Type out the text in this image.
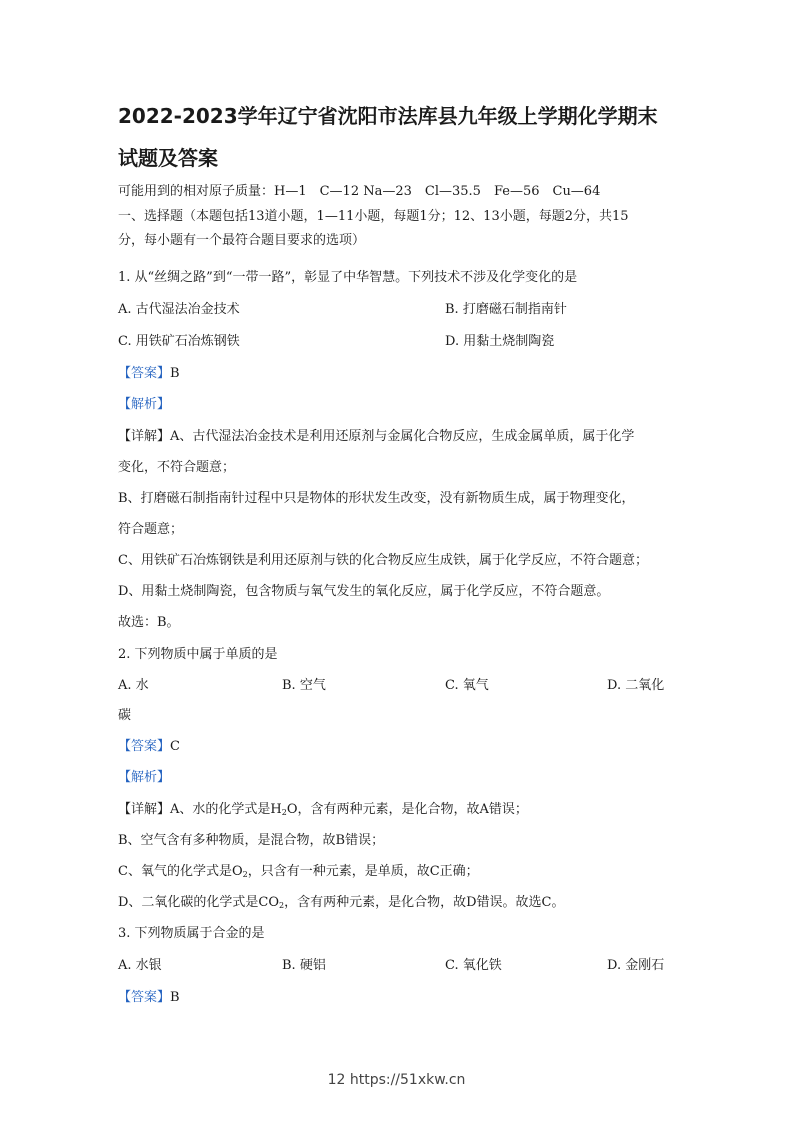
2022-2023学年辽宁省沈阳市法库县九年级上学期化学期末
试题及答案
可能用到的相对原子质量：H—1　C—12 Na—23　Cl—35.5　Fe—56　Cu—64
一、选择题（本题包括13道小题，1—11小题，每题1分；12、13小题，每题2分，共15
分，每小题有一个最符合题目要求的选项）
1. 从“丝绸之路”到“一带一路”，彰显了中华智慧。下列技术不涉及化学变化的是
A. 古代湿法冶金技术	B. 打磨磁石制指南针
C. 用铁矿石冶炼钢铁	D. 用黏土烧制陶瓷
【答案】B
【解析】
【详解】A、古代湿法冶金技术是利用还原剂与金属化合物反应，生成金属单质，属于化学
变化，不符合题意；
B、打磨磁石制指南针过程中只是物体的形状发生改变，没有新物质生成，属于物理变化，
符合题意；
C、用铁矿石冶炼钢铁是利用还原剂与铁的化合物反应生成铁，属于化学反应，不符合题意；
D、用黏土烧制陶瓷，包含物质与氧气发生的氧化反应，属于化学反应，不符合题意。
故选：B。
2. 下列物质中属于单质的是
A. 水	B. 空气	C. 氧气	D. 二氧化
碳
【答案】C
【解析】
【详解】A、水的化学式是$H_2O$，含有两种元素，是化合物，故A错误；
B、空气含有多种物质，是混合物，故B错误；
C、氧气的化学式是$O_2$，只含有一种元素，是单质，故C正确；
D、二氧化碳的化学式是$CO_2$，含有两种元素，是化合物，故D错误。故选C。
3. 下列物质属于合金的是
A. 水银	B. 硬铝	C. 氧化铁	D. 金刚石
【答案】B
12 https://51xkw.cn
